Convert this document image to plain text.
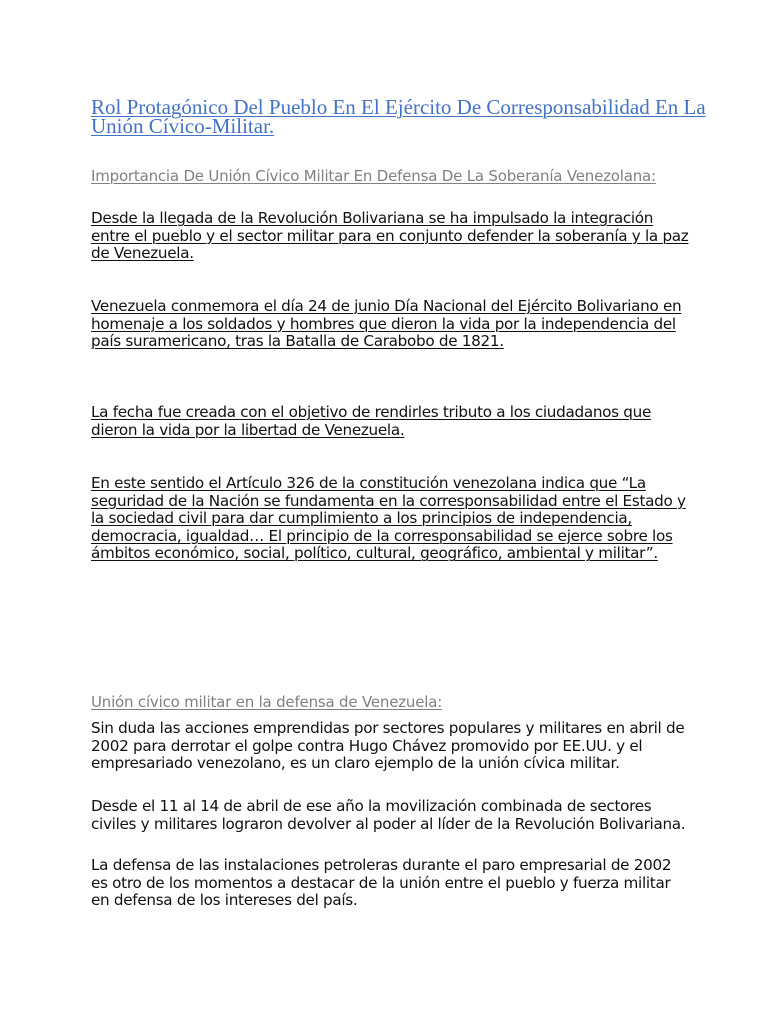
Rol Protagónico Del Pueblo En El Ejército De Corresponsabilidad En La Unión Cívico-Militar.
Importancia De Unión Cívico Militar En Defensa De La Soberanía Venezolana:

Desde la llegada de la Revolución Bolivariana se ha impulsado la integración entre el pueblo y el sector militar para en conjunto defender la soberanía y la paz de Venezuela.

Venezuela conmemora el día 24 de junio Día Nacional del Ejército Bolivariano en homenaje a los soldados y hombres que dieron la vida por la independencia del país suramericano, tras la Batalla de Carabobo de 1821.

La fecha fue creada con el objetivo de rendirles tributo a los ciudadanos que dieron la vida por la libertad de Venezuela.

En este sentido el Artículo 326 de la constitución venezolana indica que “La seguridad de la Nación se fundamenta en la corresponsabilidad entre el Estado y la sociedad civil para dar cumplimiento a los principios de independencia, democracia, igualdad… El principio de la corresponsabilidad se ejerce sobre los ámbitos económico, social, político, cultural, geográfico, ambiental y militar”.

Unión cívico militar en la defensa de Venezuela:

Sin duda las acciones emprendidas por sectores populares y militares en abril de 2002 para derrotar el golpe contra Hugo Chávez promovido por EE.UU. y el empresariado venezolano, es un claro ejemplo de la unión cívica militar.

Desde el 11 al 14 de abril de ese año la movilización combinada de sectores civiles y militares lograron devolver al poder al líder de la Revolución Bolivariana.

La defensa de las instalaciones petroleras durante el paro empresarial de 2002 es otro de los momentos a destacar de la unión entre el pueblo y fuerza militar en defensa de los intereses del país.
